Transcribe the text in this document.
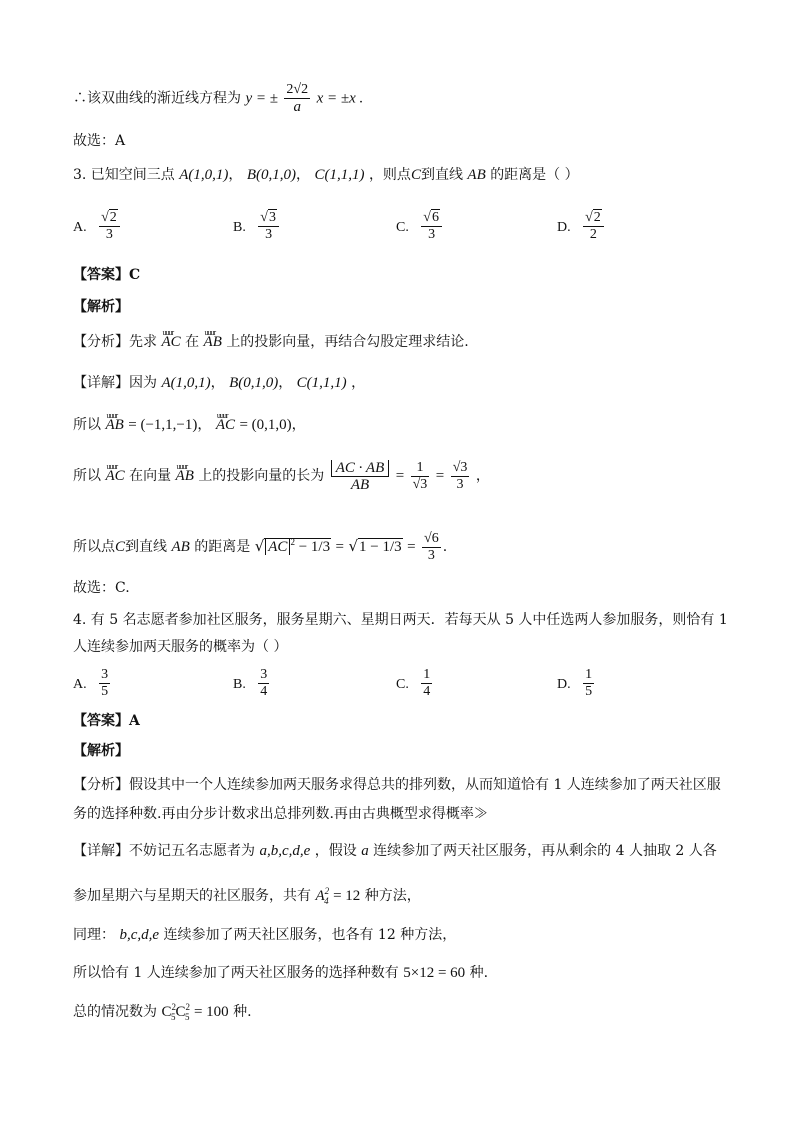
∴该双曲线的渐近线方程为 y = ± $\frac{2√2}{a}$ x = ±x .
故选：A
3. 已知空间三点 A(1,0,1)， B(0,1,0)， C(1,1,1) ，则点C到直线 AB 的距离是（ ）
A. $\frac{√2}{3}$	B. $\frac{√3}{3}$	C. $\frac{√6}{3}$	D. $\frac{√2}{2}$
【答案】C
【解析】
【分析】先求 uuur AC 在 uuur AB 上的投影向量，再结合勾股定理求结论.
【详解】因为 A(1,0,1)， B(0,1,0)， C(1,1,1) ，
所以 uuur AB = (−1,1,−1)， uuur AC = (0,1,0)，
所以 uuur AC 在向量 uuur AB 上的投影向量的长为 $\frac{AC \cdot AB}{AB} = \frac{1}{√3} = \frac{√3}{3}$ ，
所以点C到直线 AB 的距离是 √ AC $^2 - 1/3 = √1 - 1/3 = \frac{√6}{3}$ .
故选：C.
4. 有 5 名志愿者参加社区服务，服务星期六、星期日两天．若每天从 5 人中任选两人参加服务，则恰有 1
人连续参加两天服务的概率为（ ）
A. $\frac{3}{5}$	B. $\frac{3}{4}$	C. $\frac{1}{4}$	D. $\frac{1}{5}$
【答案】A
【解析】
【分析】假设其中一个人连续参加两天服务求得总共的排列数，从而知道恰有 1 人连续参加了两天社区服
务的选择种数.再由分步计数求出总排列数.再由古典概型求得概率≫
【详解】不妨记五名志愿者为 a,b,c,d,e ，假设 a 连续参加了两天社区服务，再从剩余的 4 人抽取 2 人各
参加星期六与星期天的社区服务，共有 $A^2_4 = 12$ 种方法，
同理： b,c,d,e 连续参加了两天社区服务，也各有 12 种方法，
所以恰有 1 人连续参加了两天社区服务的选择种数有 5×12 = 60 种.
总的情况数为 $C^2_5C^2_5 = 100$ 种.
